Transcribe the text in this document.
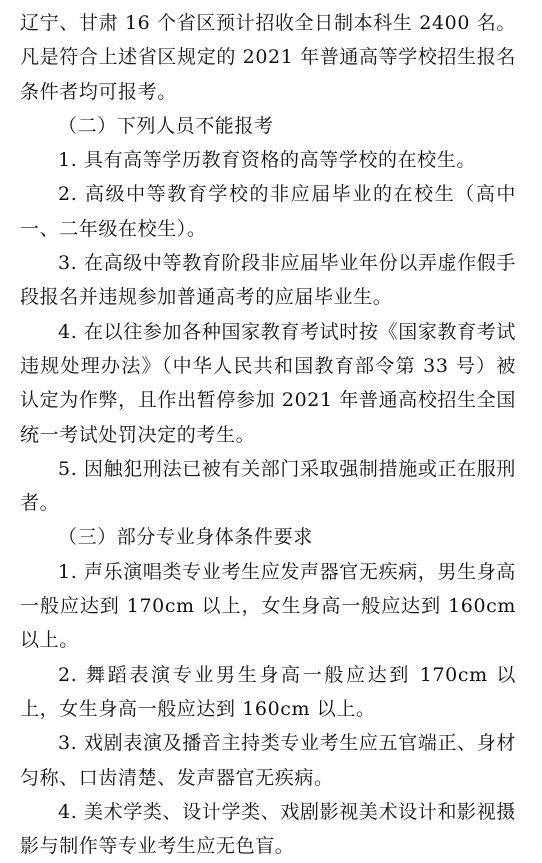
辽宁、甘肃 16 个省区预计招收全日制本科生 2400 名。凡是符合上述省区规定的 2021 年普通高等学校招生报名条件者均可报考。

（二）下列人员不能报考

1. 具有高等学历教育资格的高等学校的在校生。

2. 高级中等教育学校的非应届毕业的在校生（高中一、二年级在校生）。

3. 在高级中等教育阶段非应届毕业年份以弄虚作假手段报名并违规参加普通高考的应届毕业生。

4. 在以往参加各种国家教育考试时按《国家教育考试违规处理办法》（中华人民共和国教育部令第 33 号）被认定为作弊，且作出暂停参加 2021 年普通高校招生全国统一考试处罚决定的考生。

5. 因触犯刑法已被有关部门采取强制措施或正在服刑者。

（三）部分专业身体条件要求

1. 声乐演唱类专业考生应发声器官无疾病，男生身高一般应达到 170cm 以上，女生身高一般应达到 160cm 以上。

2. 舞蹈表演专业男生身高一般应达到 170cm 以上，女生身高一般应达到 160cm 以上。

3. 戏剧表演及播音主持类专业考生应五官端正、身材匀称、口齿清楚、发声器官无疾病。

4. 美术学类、设计学类、戏剧影视美术设计和影视摄影与制作等专业考生应无色盲。
